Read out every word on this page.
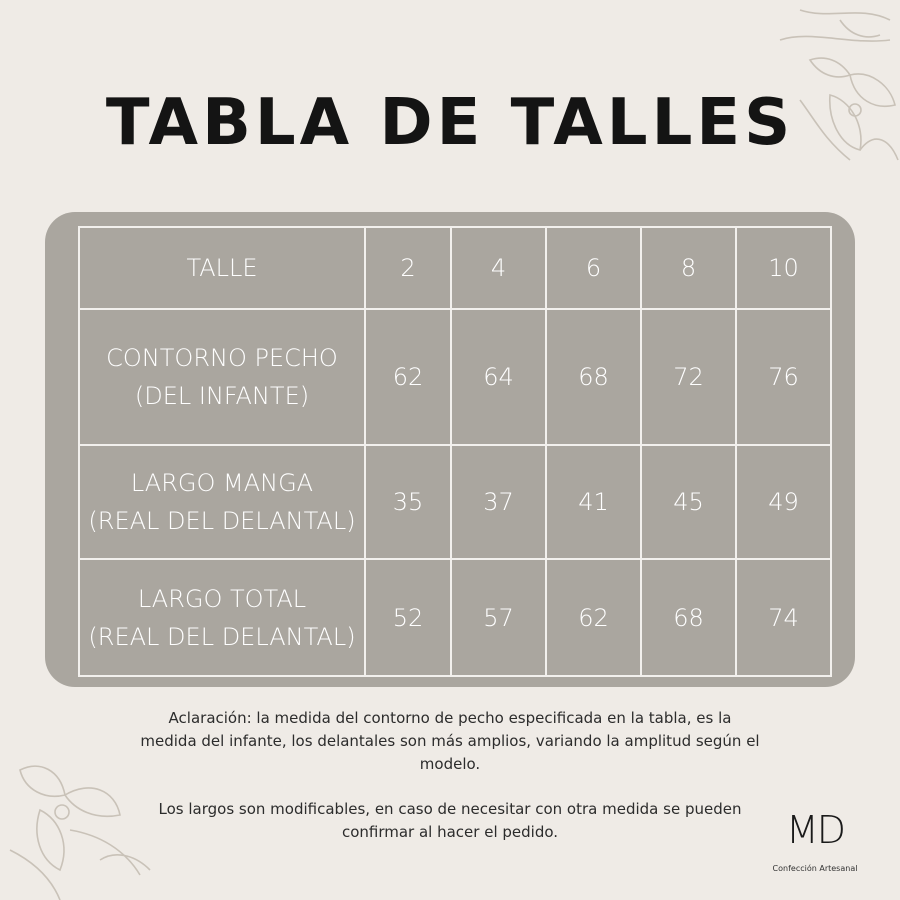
TABLA DE TALLES
TALLE	2	4	6	8	10

CONTORNO PECHO
(DEL INFANTE)	62	64	68	72	76

LARGO MANGA
(REAL DEL DELANTAL)	35	37	41	45	49

LARGO TOTAL
(REAL DEL DELANTAL)	52	57	62	68	74

Aclaración: la medida del contorno de pecho especificada en la tabla, es la medida del infante, los delantales son más amplios, variando la amplitud según el modelo.

Los largos son modificables, en caso de necesitar con otra medida se pueden confirmar al hacer el pedido.	MD
Confección Artesanal
